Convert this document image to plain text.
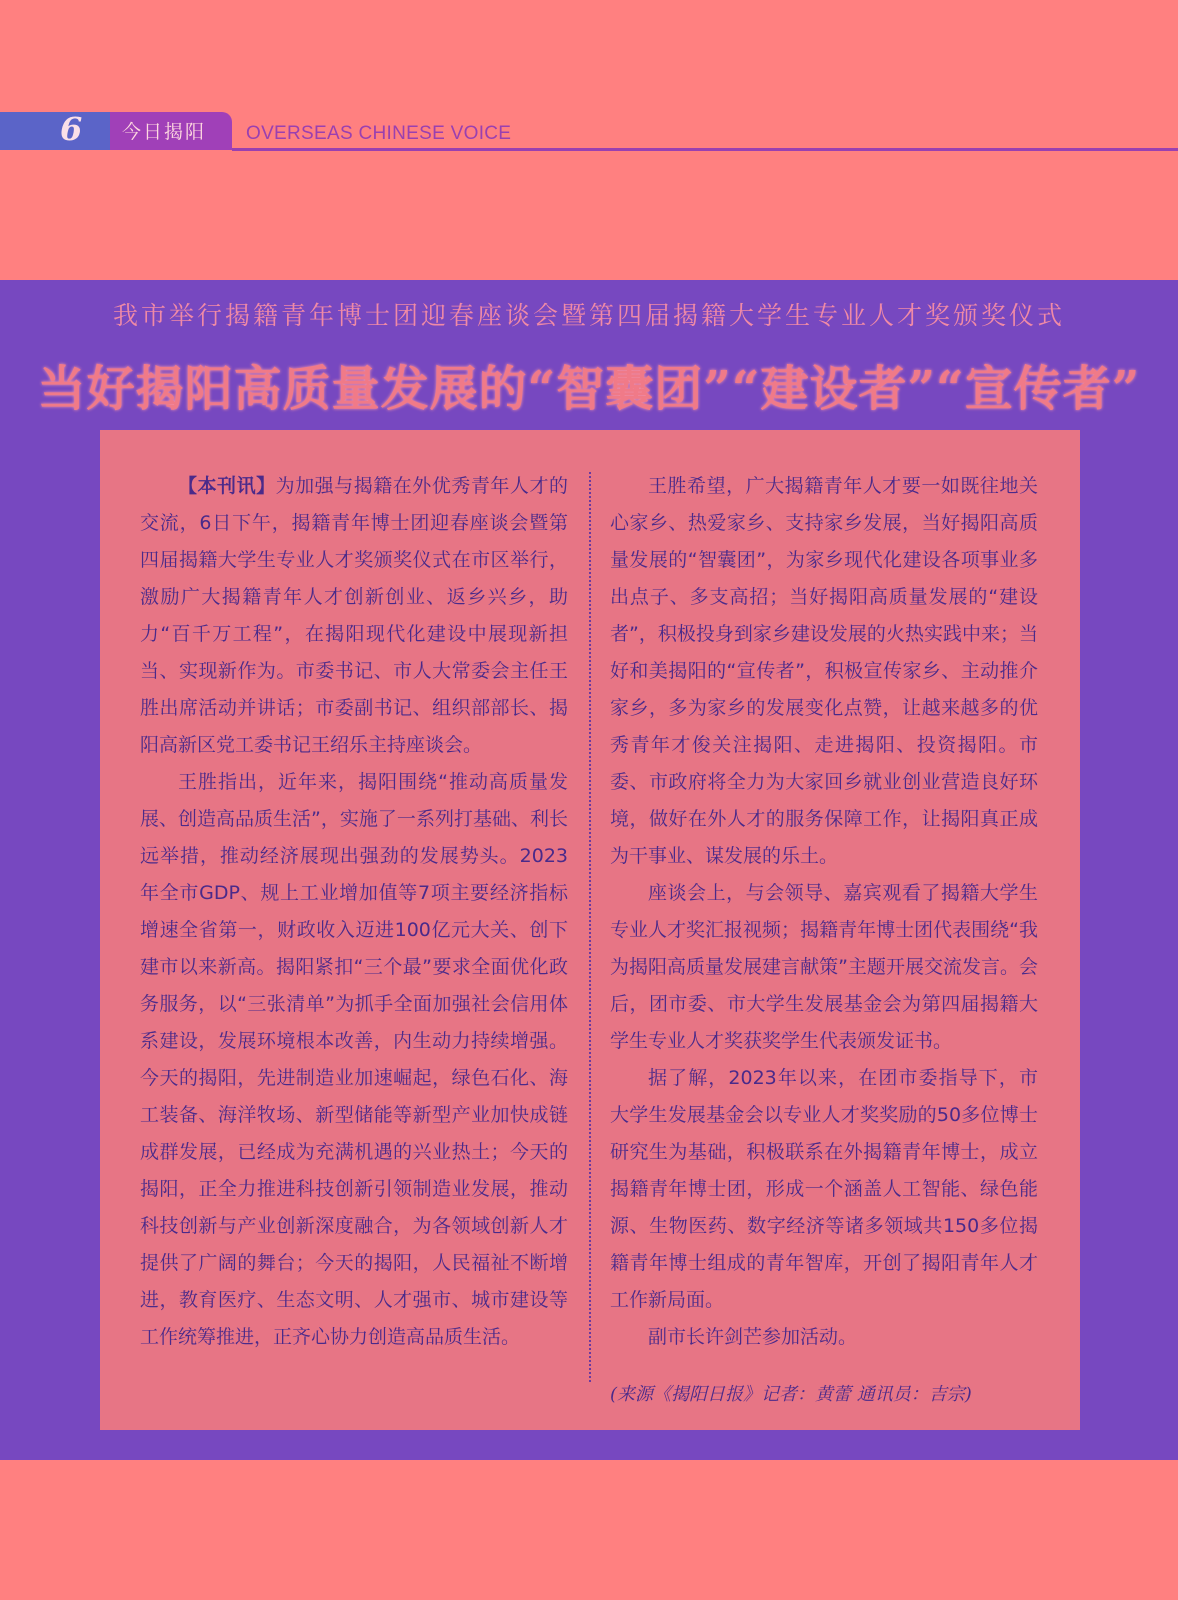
6	今日揭阳 OVERSEAS CHINESE VOICE
我市举行揭籍青年博士团迎春座谈会暨第四届揭籍大学生专业人才奖颁奖仪式
当好揭阳高质量发展的“智囊团”“建设者”“宣传者”

【本刊讯】为加强与揭籍在外优秀青年人才的交流，6日下午，揭籍青年博士团迎春座谈会暨第四届揭籍大学生专业人才奖颁奖仪式在市区举行，激励广大揭籍青年人才创新创业、返乡兴乡，助力“百千万工程”，在揭阳现代化建设中展现新担当、实现新作为。市委书记、市人大常委会主任王胜出席活动并讲话；市委副书记、组织部部长、揭阳高新区党工委书记王绍乐主持座谈会。

王胜指出，近年来，揭阳围绕“推动高质量发展、创造高品质生活”，实施了一系列打基础、利长远举措，推动经济展现出强劲的发展势头。2023年全市GDP、规上工业增加值等7项主要经济指标增速全省第一，财政收入迈进100亿元大关、创下建市以来新高。揭阳紧扣“三个最”要求全面优化政务服务，以“三张清单”为抓手全面加强社会信用体系建设，发展环境根本改善，内生动力持续增强。今天的揭阳，先进制造业加速崛起，绿色石化、海工装备、海洋牧场、新型储能等新型产业加快成链成群发展，已经成为充满机遇的兴业热土；今天的揭阳，正全力推进科技创新引领制造业发展，推动科技创新与产业创新深度融合，为各领域创新人才提供了广阔的舞台；今天的揭阳，人民福祉不断增进，教育医疗、生态文明、人才强市、城市建设等工作统筹推进，正齐心协力创造高品质生活。

王胜希望，广大揭籍青年人才要一如既往地关心家乡、热爱家乡、支持家乡发展，当好揭阳高质量发展的“智囊团”，为家乡现代化建设各项事业多出点子、多支高招；当好揭阳高质量发展的“建设者”，积极投身到家乡建设发展的火热实践中来；当好和美揭阳的“宣传者”，积极宣传家乡、主动推介家乡，多为家乡的发展变化点赞，让越来越多的优秀青年才俊关注揭阳、走进揭阳、投资揭阳。市委、市政府将全力为大家回乡就业创业营造良好环境，做好在外人才的服务保障工作，让揭阳真正成为干事业、谋发展的乐土。

座谈会上，与会领导、嘉宾观看了揭籍大学生专业人才奖汇报视频；揭籍青年博士团代表围绕“我为揭阳高质量发展建言献策”主题开展交流发言。会后，团市委、市大学生发展基金会为第四届揭籍大学生专业人才奖获奖学生代表颁发证书。

据了解，2023年以来，在团市委指导下，市大学生发展基金会以专业人才奖奖励的50多位博士研究生为基础，积极联系在外揭籍青年博士，成立揭籍青年博士团，形成一个涵盖人工智能、绿色能源、生物医药、数字经济等诸多领域共150多位揭籍青年博士组成的青年智库，开创了揭阳青年人才工作新局面。

副市长许剑芒参加活动。

(来源《揭阳日报》记者：黄蕾 通讯员：吉宗)
